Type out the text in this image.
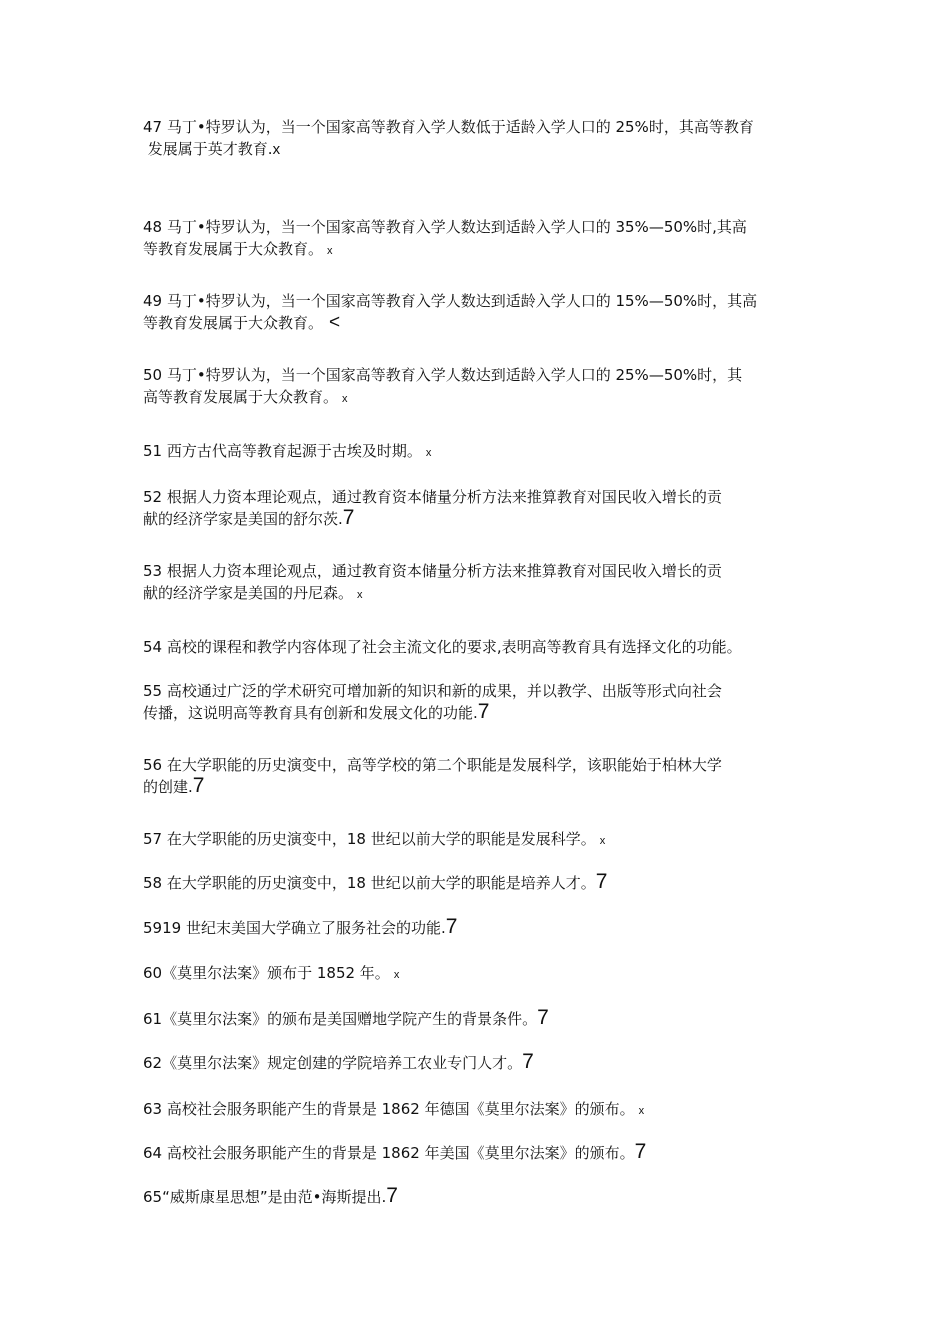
47 马丁•特罗认为，当一个国家高等教育入学人数低于适龄入学人口的 25%时，其高等教育
发展属于英才教育.x
48 马丁•特罗认为，当一个国家高等教育入学人数达到适龄入学人口的 35%—50%时,其高
等教育发展属于大众教育。 x
49 马丁•特罗认为，当一个国家高等教育入学人数达到适龄入学人口的 15%—50%时，其高
等教育发展属于大众教育。 <
50 马丁•特罗认为，当一个国家高等教育入学人数达到适龄入学人口的 25%—50%时，其
高等教育发展属于大众教育。 x
51 西方古代高等教育起源于古埃及时期。 x
52 根据人力资本理论观点，通过教育资本储量分析方法来推算教育对国民收入增长的贡
献的经济学家是美国的舒尔茨.7
53 根据人力资本理论观点，通过教育资本储量分析方法来推算教育对国民收入增长的贡
献的经济学家是美国的丹尼森。 x
54 高校的课程和教学内容体现了社会主流文化的要求,表明高等教育具有选择文化的功能。
55 高校通过广泛的学术研究可增加新的知识和新的成果，并以教学、出版等形式向社会
传播，这说明高等教育具有创新和发展文化的功能.7
56 在大学职能的历史演变中，高等学校的第二个职能是发展科学，该职能始于柏林大学
的创建.7
57 在大学职能的历史演变中，18 世纪以前大学的职能是发展科学。 x
58 在大学职能的历史演变中，18 世纪以前大学的职能是培养人才。7
5919 世纪末美国大学确立了服务社会的功能.7
60《莫里尔法案》颁布于 1852 年。 x
61《莫里尔法案》的颁布是美国赠地学院产生的背景条件。7
62《莫里尔法案》规定创建的学院培养工农业专门人才。7
63 高校社会服务职能产生的背景是 1862 年德国《莫里尔法案》的颁布。 x
64 高校社会服务职能产生的背景是 1862 年美国《莫里尔法案》的颁布。7
65“威斯康星思想”是由范•海斯提出.7
